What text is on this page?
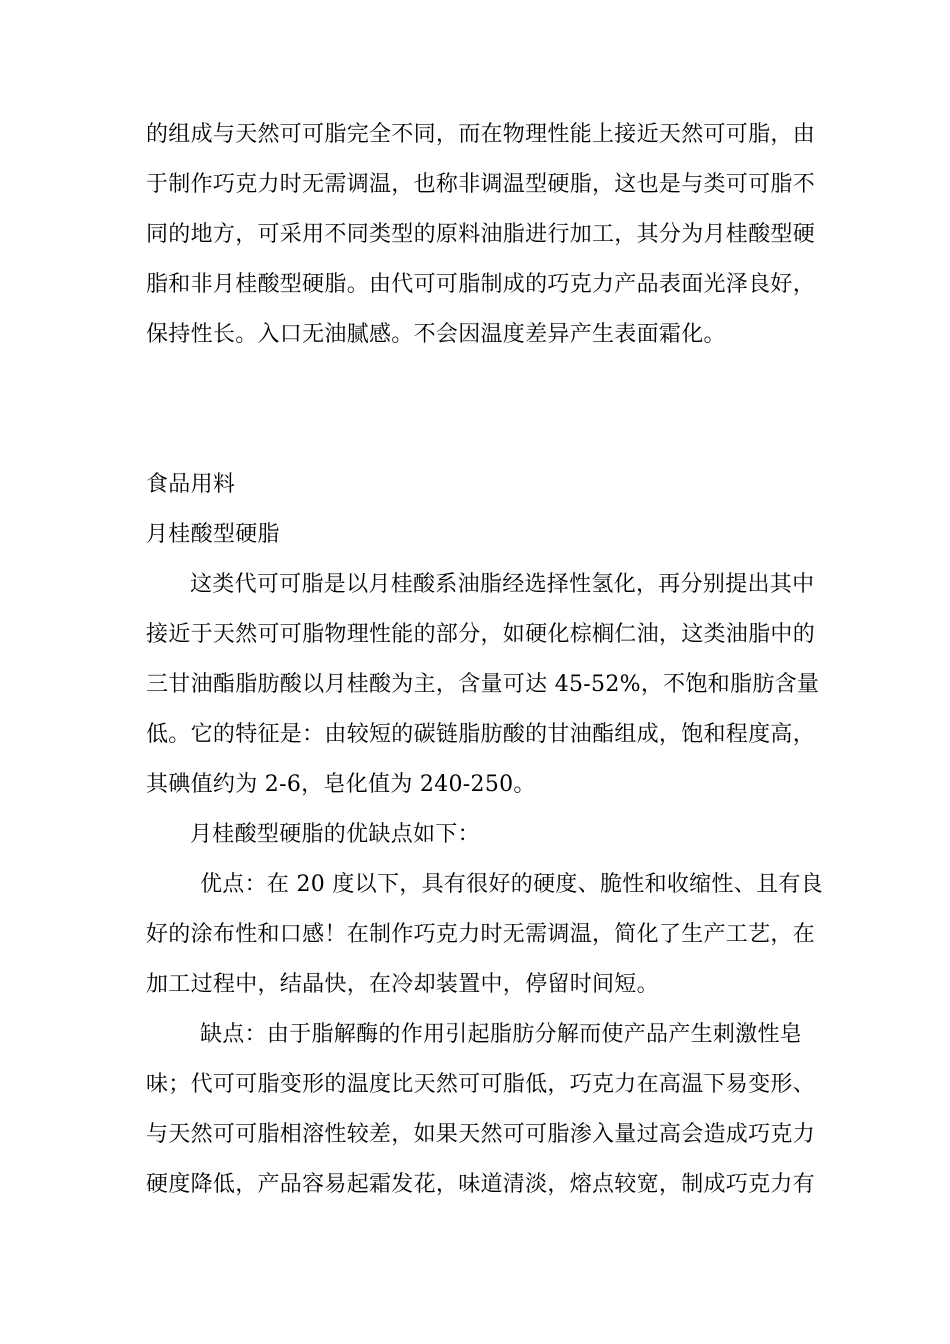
的组成与天然可可脂完全不同，而在物理性能上接近天然可可脂，由
于制作巧克力时无需调温，也称非调温型硬脂，这也是与类可可脂不
同的地方，可采用不同类型的原料油脂进行加工，其分为月桂酸型硬
脂和非月桂酸型硬脂。由代可可脂制成的巧克力产品表面光泽良好，
保持性长。入口无油腻感。不会因温度差异产生表面霜化。
食品用料
月桂酸型硬脂
这类代可可脂是以月桂酸系油脂经选择性氢化，再分别提出其中
接近于天然可可脂物理性能的部分，如硬化棕榈仁油，这类油脂中的
三甘油酯脂肪酸以月桂酸为主，含量可达 45-52%，不饱和脂肪含量
低。它的特征是：由较短的碳链脂肪酸的甘油酯组成，饱和程度高，
其碘值约为 2-6，皂化值为 240-250。
月桂酸型硬脂的优缺点如下：
优点：在 20 度以下，具有很好的硬度、脆性和收缩性、且有良
好的涂布性和口感！在制作巧克力时无需调温，简化了生产工艺，在
加工过程中，结晶快，在冷却装置中，停留时间短。
缺点：由于脂解酶的作用引起脂肪分解而使产品产生刺激性皂
味；代可可脂变形的温度比天然可可脂低，巧克力在高温下易变形、
与天然可可脂相溶性较差，如果天然可可脂渗入量过高会造成巧克力
硬度降低，产品容易起霜发花，味道清淡，熔点较宽，制成巧克力有
